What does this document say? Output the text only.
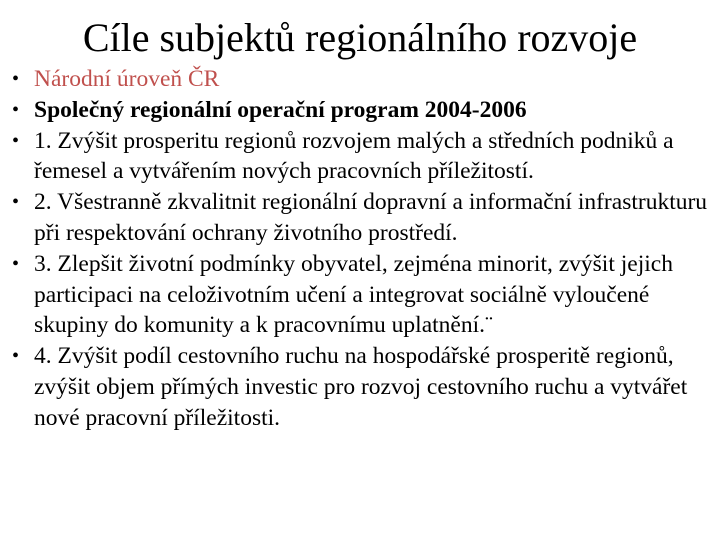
Cíle subjektů regionálního rozvoje
• Národní úroveň ČR
• Společný regionální operační program 2004-2006
• 1. Zvýšit prosperitu regionů rozvojem malých a středních podniků a řemesel a vytvářením nových pracovních příležitostí.
• 2. Všestranně zkvalitnit regionální dopravní a informační infrastrukturu při respektování ochrany životního prostředí.
• 3. Zlepšit životní podmínky obyvatel, zejména minorit, zvýšit jejich participaci na celoživotním učení a integrovat sociálně vyloučené skupiny do komunity a k pracovnímu uplatnění.¨
• 4. Zvýšit podíl cestovního ruchu na hospodářské prosperitě regionů, zvýšit objem přímých investic pro rozvoj cestovního ruchu a vytvářet nové pracovní příležitosti.
